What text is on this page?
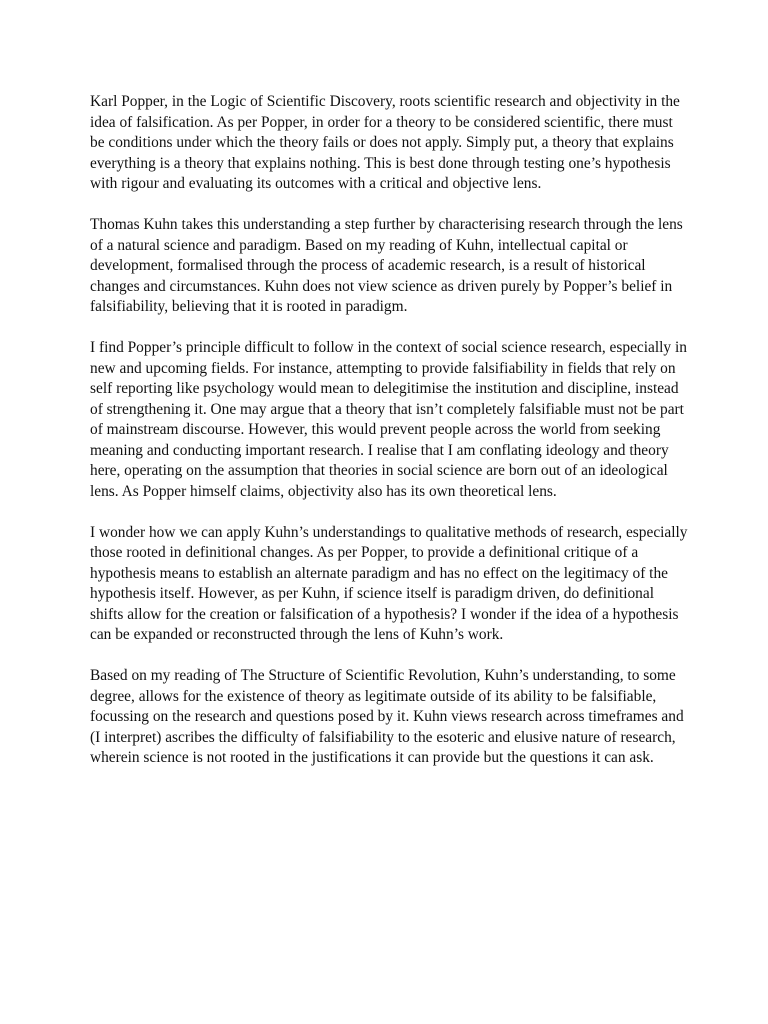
Karl Popper, in the Logic of Scientific Discovery, roots scientific research and objectivity in the idea of falsification. As per Popper, in order for a theory to be considered scientific, there must be conditions under which the theory fails or does not apply. Simply put, a theory that explains everything is a theory that explains nothing. This is best done through testing one’s hypothesis with rigour and evaluating its outcomes with a critical and objective lens.

Thomas Kuhn takes this understanding a step further by characterising research through the lens of a natural science and paradigm. Based on my reading of Kuhn, intellectual capital or development, formalised through the process of academic research, is a result of historical changes and circumstances. Kuhn does not view science as driven purely by Popper’s belief in falsifiability, believing that it is rooted in paradigm.

I find Popper’s principle difficult to follow in the context of social science research, especially in new and upcoming fields. For instance, attempting to provide falsifiability in fields that rely on self reporting like psychology would mean to delegitimise the institution and discipline, instead of strengthening it. One may argue that a theory that isn’t completely falsifiable must not be part of mainstream discourse. However, this would prevent people across the world from seeking meaning and conducting important research. I realise that I am conflating ideology and theory here, operating on the assumption that theories in social science are born out of an ideological lens. As Popper himself claims, objectivity also has its own theoretical lens.

I wonder how we can apply Kuhn’s understandings to qualitative methods of research, especially those rooted in definitional changes. As per Popper, to provide a definitional critique of a hypothesis means to establish an alternate paradigm and has no effect on the legitimacy of the hypothesis itself. However, as per Kuhn, if science itself is paradigm driven, do definitional shifts allow for the creation or falsification of a hypothesis? I wonder if the idea of a hypothesis can be expanded or reconstructed through the lens of Kuhn’s work.

Based on my reading of The Structure of Scientific Revolution, Kuhn’s understanding, to some degree, allows for the existence of theory as legitimate outside of its ability to be falsifiable, focussing on the research and questions posed by it. Kuhn views research across timeframes and (I interpret) ascribes the difficulty of falsifiability to the esoteric and elusive nature of research, wherein science is not rooted in the justifications it can provide but the questions it can ask.
